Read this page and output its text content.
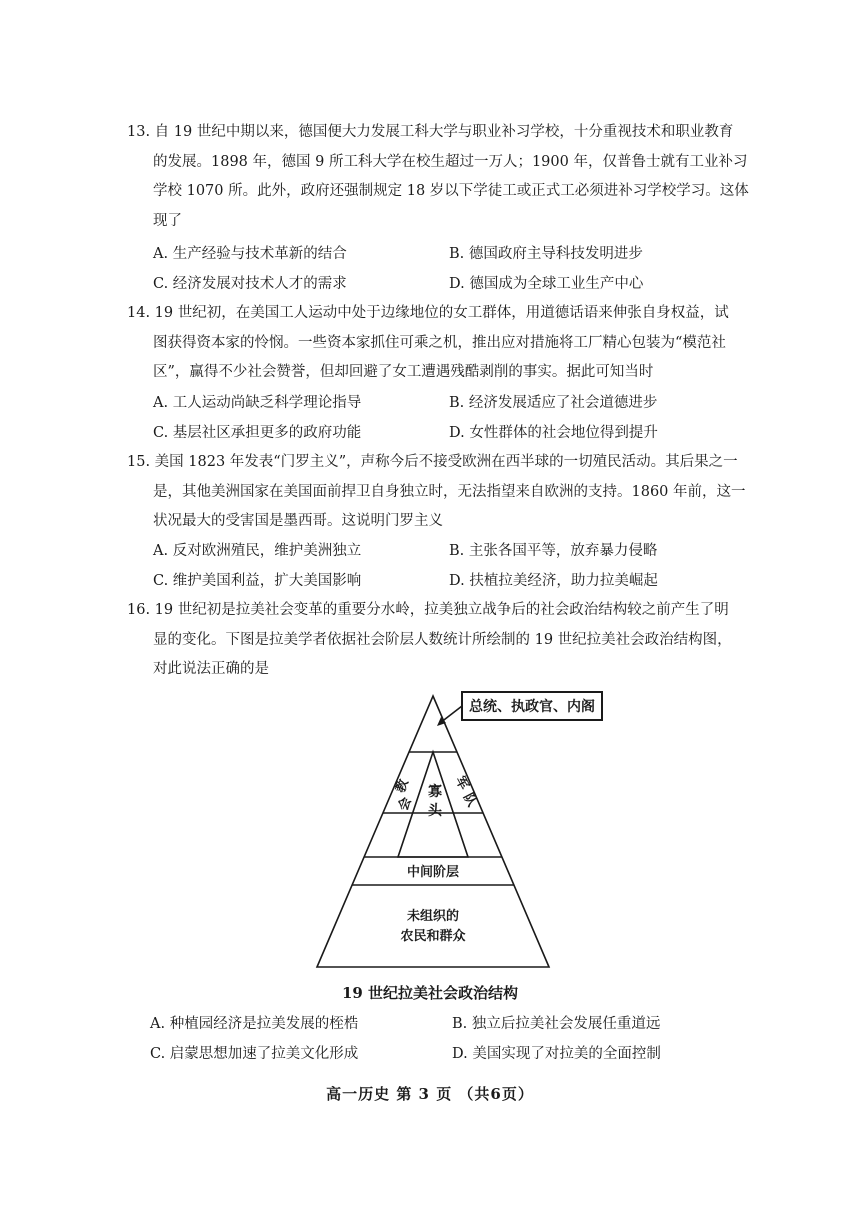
13. 自 19 世纪中期以来，德国便大力发展工科大学与职业补习学校，十分重视技术和职业教育
的发展。1898 年，德国 9 所工科大学在校生超过一万人；1900 年，仅普鲁士就有工业补习
学校 1070 所。此外，政府还强制规定 18 岁以下学徒工或正式工必须进补习学校学习。这体
现了
A. 生产经验与技术革新的结合	B. 德国政府主导科技发明进步
C. 经济发展对技术人才的需求	D. 德国成为全球工业生产中心
14. 19 世纪初，在美国工人运动中处于边缘地位的女工群体，用道德话语来伸张自身权益，试
图获得资本家的怜悯。一些资本家抓住可乘之机，推出应对措施将工厂精心包装为“模范社
区”，赢得不少社会赞誉，但却回避了女工遭遇残酷剥削的事实。据此可知当时
A. 工人运动尚缺乏科学理论指导	B. 经济发展适应了社会道德进步
C. 基层社区承担更多的政府功能	D. 女性群体的社会地位得到提升
15. 美国 1823 年发表“门罗主义”，声称今后不接受欧洲在西半球的一切殖民活动。其后果之一
是，其他美洲国家在美国面前捍卫自身独立时，无法指望来自欧洲的支持。1860 年前，这一
状况最大的受害国是墨西哥。这说明门罗主义
A. 反对欧洲殖民，维护美洲独立	B. 主张各国平等，放弃暴力侵略
C. 维护美国利益，扩大美国影响	D. 扶植拉美经济，助力拉美崛起
16. 19 世纪初是拉美社会变革的重要分水岭，拉美独立战争后的社会政治结构较之前产生了明
显的变化。下图是拉美学者依据社会阶层人数统计所绘制的 19 世纪拉美社会政治结构图，
对此说法正确的是
总统、执政官、内阁
教
会
寡
头
军
队
中间阶层
未组织的
农民和群众
19 世纪拉美社会政治结构
A. 种植园经济是拉美发展的桎梏	B. 独立后拉美社会发展任重道远
C. 启蒙思想加速了拉美文化形成	D. 美国实现了对拉美的全面控制
高一历史 第 3 页 （共6页）
